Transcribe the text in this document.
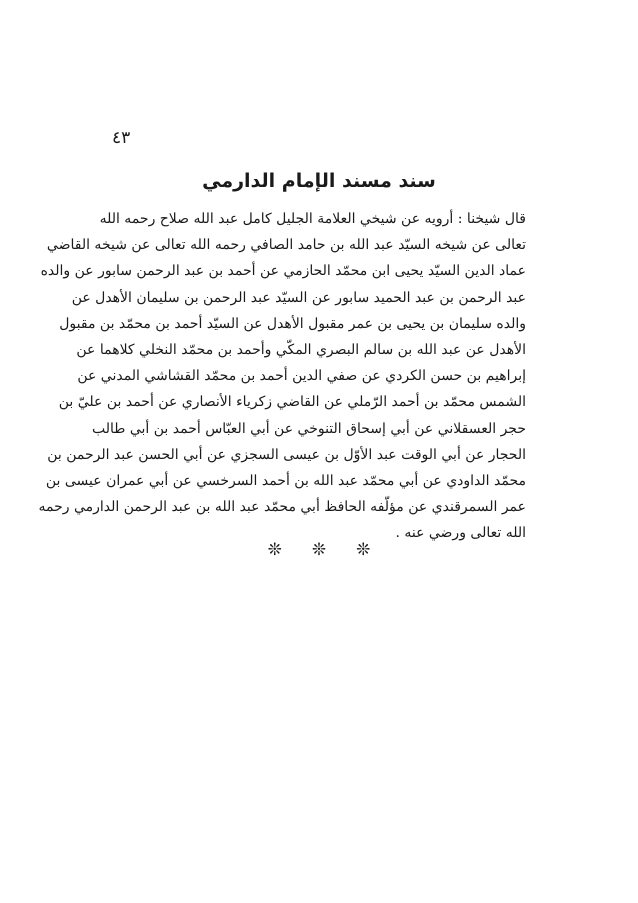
٤٣
سند مسند الإمام الدارمي
قال شيخنا : أرويه عن شيخي العلامة الجليل كامل عبد الله صلاح رحمه الله
تعالى عن شيخه السيّد عبد الله بن حامد الصافي رحمه الله تعالى عن شيخه القاضي
عماد الدين السيّد يحيى ابن محمّد الحازمي عن أحمد بن عبد الرحمن سابور عن والده
عبد الرحمن بن عبد الحميد سابور عن السيّد عبد الرحمن بن سليمان الأهدل عن
والده سليمان بن يحيى بن عمر مقبول الأهدل عن السيّد أحمد بن محمّد بن مقبول
الأهدل عن عبد الله بن سالم البصري المكّي وأحمد بن محمّد النخلي كلاهما عن
إبراهيم بن حسن الكردي عن صفي الدين أحمد بن محمّد القشاشي المدني عن
الشمس محمّد بن أحمد الرّملي عن القاضي زكرياء الأنصاري عن أحمد بن عليّ بن
حجر العسقلاني عن أبي إسحاق التنوخي عن أبي العبّاس أحمد بن أبي طالب
الحجار عن أبي الوقت عبد الأوّل بن عيسى السجزي عن أبي الحسن عبد الرحمن بن
محمّد الداودي عن أبي محمّد عبد الله بن أحمد السرخسي عن أبي عمران عيسى بن
عمر السمرقندي عن مؤلّفه الحافظ أبي محمّد عبد الله بن عبد الرحمن الدارمي رحمه
الله تعالى ورضي عنه .
❊❊❊
